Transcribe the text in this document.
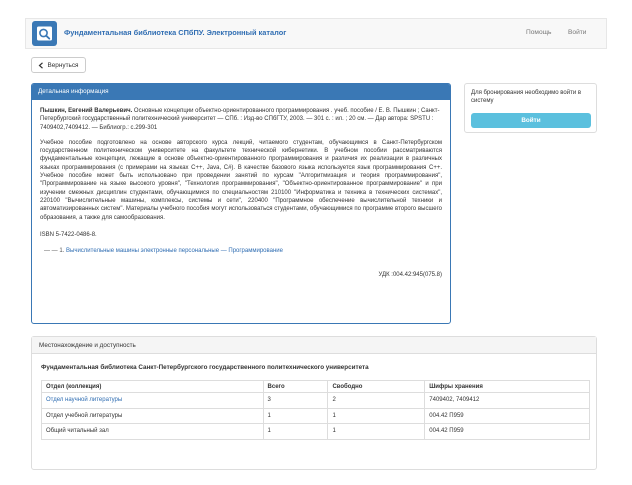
Фундаментальная библиотека СПбПУ. Электронный каталог	Помощь	Войти
Вернуться
Детальная информация
Пышкин, Евгений Валерьевич. Основные концепции объектно-ориентированного программирования . учеб. пособие / Е. В. Пышкин ; Санкт-Петербургский государственный политехнический университет — СПб. : Изд-во СПбГТУ, 2003. — 301 с. : ил. ; 20 см. — Дар автора: SPSTU : 7409402,7409412. — Библиогр.: с.299-301
Учебное пособие подготовлено на основе авторского курса лекций, читаемого студентам, обучающимся в Санкт-Петербургском государственном политехническом университете на факультете технической кибернетики. В учебном пособии рассматриваются фундаментальные концепции, лежащие в основе объектно-ориентированного программирования и различия их реализации в различных языках программирования (с примерами на языках C++, Java, C#). В качестве базового языка используется язык программирования C++. Учебное пособие может быть использовано при проведении занятий по курсам "Алгоритмизация и теория программирования", "Программирование на языке высокого уровня", "Технология программирования", "Объектно-ориентированное программирование" и при изучении смежных дисциплин студентами, обучающимися по специальностям 210100 "Информатика и техника в технических системах", 220100 "Вычислительные машины, комплексы, системы и сети", 220400 "Программное обеспечение вычислительной техники и автоматизированных систем". Материалы учебного пособия могут использоваться студентами, обучающимися по программе второго высшего образования, а также для самообразования.
ISBN 5-7422-0486-8.
— — 1. Вычислительные машины электронные персональные — Программирование
УДК :004.42:945(075.8)
Для бронирования необходимо войти в систему
Войти
Местонахождение и доступность
Фундаментальная библиотека Санкт-Петербургского государственного политехнического университета
Отдел (коллекция)	Всего	Свободно	Шифры хранения
Отдел научной литературы	3	2	7409402, 7409412
Отдел учебной литературы	1	1	004.42 П959
Общий читальный зал	1	1	004.42 П959
